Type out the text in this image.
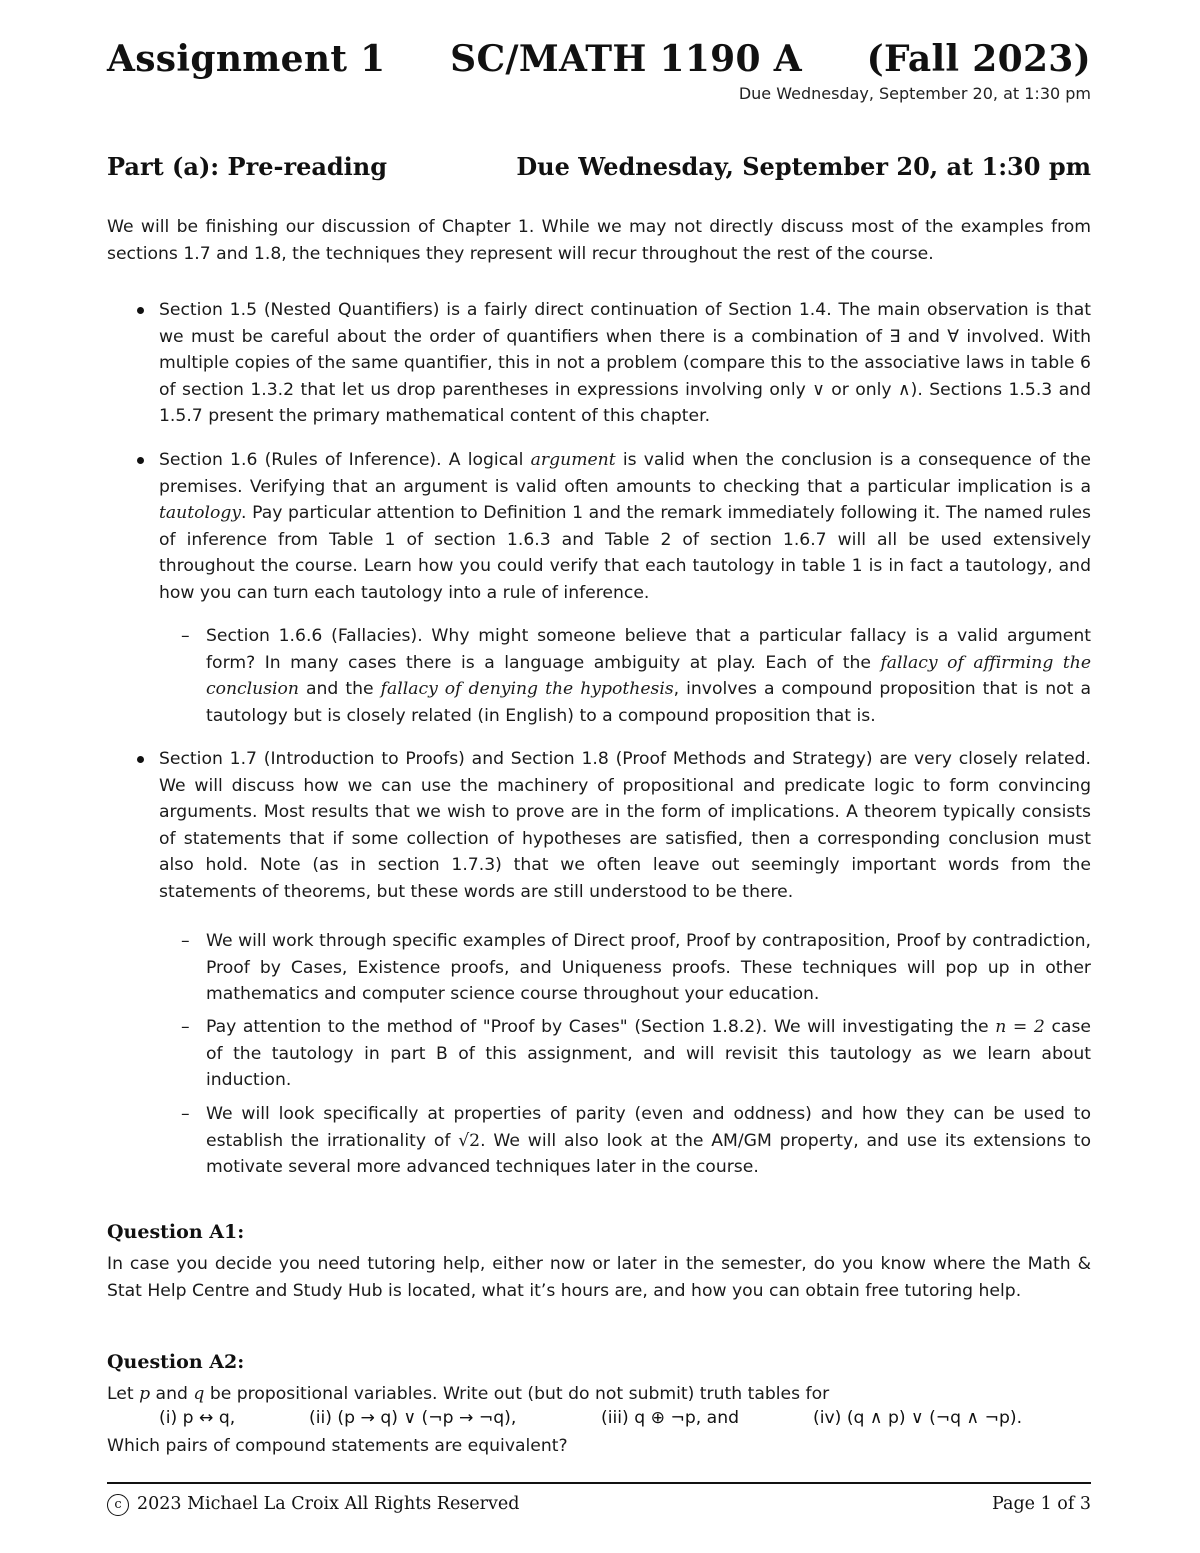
Assignment 1 SC/MATH 1190 A (Fall 2023)
Due Wednesday, September 20, at 1:30 pm
Part (a): Pre-reading	Due Wednesday, September 20, at 1:30 pm

We will be finishing our discussion of Chapter 1. While we may not directly discuss most of the examples from sections 1.7 and 1.8, the techniques they represent will recur throughout the rest of the course.

Section 1.5 (Nested Quantifiers) is a fairly direct continuation of Section 1.4. The main observation is that we must be careful about the order of quantifiers when there is a combination of ∃ and ∀ involved. With multiple copies of the same quantifier, this in not a problem (compare this to the associative laws in table 6 of section 1.3.2 that let us drop parentheses in expressions involving only ∨ or only ∧). Sections 1.5.3 and 1.5.7 present the primary mathematical content of this chapter.

Section 1.6 (Rules of Inference). A logical argument is valid when the conclusion is a consequence of the premises. Verifying that an argument is valid often amounts to checking that a particular implication is a tautology. Pay particular attention to Definition 1 and the remark immediately following it. The named rules of inference from Table 1 of section 1.6.3 and Table 2 of section 1.6.7 will all be used extensively throughout the course. Learn how you could verify that each tautology in table 1 is in fact a tautology, and how you can turn each tautology into a rule of inference.

– Section 1.6.6 (Fallacies). Why might someone believe that a particular fallacy is a valid argument form? In many cases there is a language ambiguity at play. Each of the fallacy of affirming the conclusion and the fallacy of denying the hypothesis, involves a compound proposition that is not a tautology but is closely related (in English) to a compound proposition that is.

Section 1.7 (Introduction to Proofs) and Section 1.8 (Proof Methods and Strategy) are very closely related. We will discuss how we can use the machinery of propositional and predicate logic to form convincing arguments. Most results that we wish to prove are in the form of implications. A theorem typically consists of statements that if some collection of hypotheses are satisfied, then a corresponding conclusion must also hold. Note (as in section 1.7.3) that we often leave out seemingly important words from the statements of theorems, but these words are still understood to be there.

– We will work through specific examples of Direct proof, Proof by contraposition, Proof by contradiction, Proof by Cases, Existence proofs, and Uniqueness proofs. These techniques will pop up in other mathematics and computer science course throughout your education.

– Pay attention to the method of "Proof by Cases" (Section 1.8.2). We will investigating the n = 2 case of the tautology in part B of this assignment, and will revisit this tautology as we learn about induction.

– We will look specifically at properties of parity (even and oddness) and how they can be used to establish the irrationality of √2. We will also look at the AM/GM property, and use its extensions to motivate several more advanced techniques later in the course.

Question A1:

In case you decide you need tutoring help, either now or later in the semester, do you know where the Math & Stat Help Centre and Study Hub is located, what it’s hours are, and how you can obtain free tutoring help.

Question A2:

Let p and q be propositional variables. Write out (but do not submit) truth tables for

(i) p ↔ q,	(ii) (p → q) ∨ (¬p → ¬q),	(iii) q ⊕ ¬p, and	(iv) (q ∧ p) ∨ (¬q ∧ ¬p).

Which pairs of compound statements are equivalent?

c 2023 Michael La Croix All Rights Reserved	Page 1 of 3
